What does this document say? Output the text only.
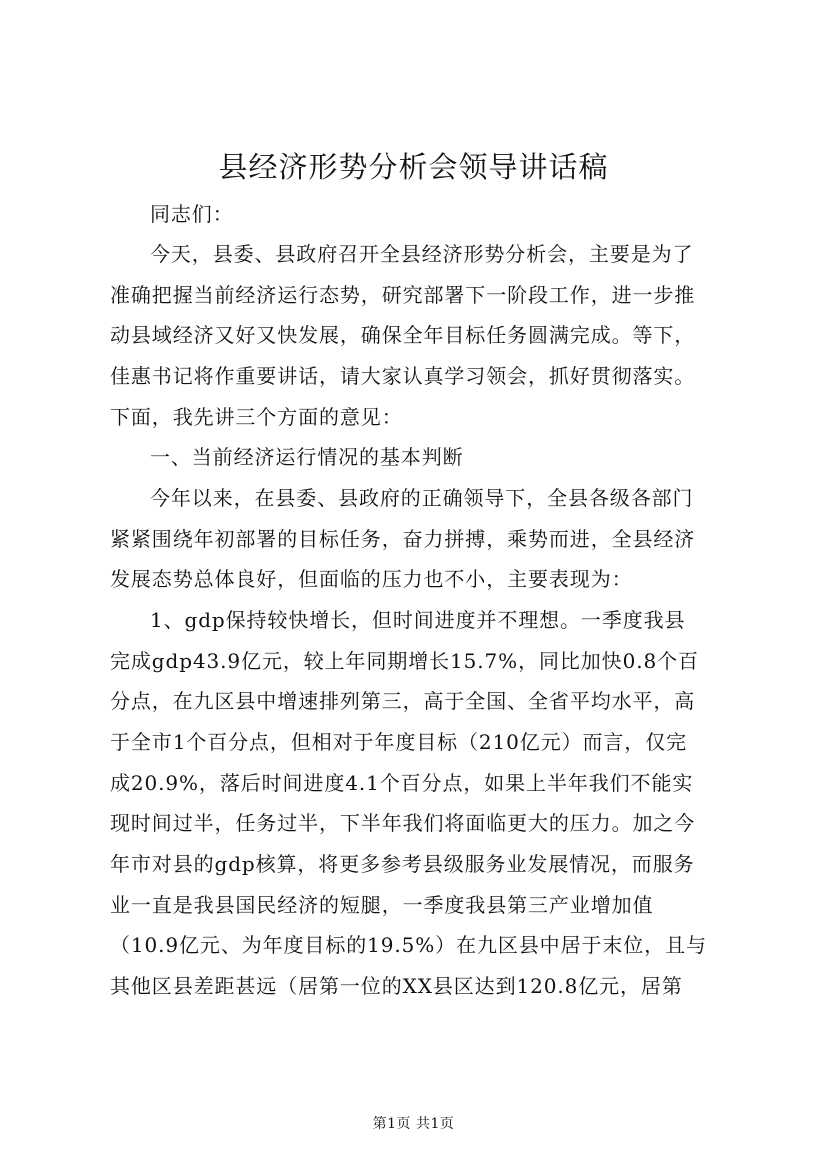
县经济形势分析会领导讲话稿
同志们：
今天，县委、县政府召开全县经济形势分析会，主要是为了
准确把握当前经济运行态势，研究部署下一阶段工作，进一步推
动县域经济又好又快发展，确保全年目标任务圆满完成。等下，
佳惠书记将作重要讲话，请大家认真学习领会，抓好贯彻落实。
下面，我先讲三个方面的意见：
一、当前经济运行情况的基本判断
今年以来，在县委、县政府的正确领导下，全县各级各部门
紧紧围绕年初部署的目标任务，奋力拼搏，乘势而进，全县经济
发展态势总体良好，但面临的压力也不小，主要表现为：
1、gdp保持较快增长，但时间进度并不理想。一季度我县
完成gdp43.9亿元，较上年同期增长15.7%，同比加快0.8个百
分点，在九区县中增速排列第三，高于全国、全省平均水平，高
于全市1个百分点，但相对于年度目标（210亿元）而言，仅完
成20.9%，落后时间进度4.1个百分点，如果上半年我们不能实
现时间过半，任务过半，下半年我们将面临更大的压力。加之今
年市对县的gdp核算，将更多参考县级服务业发展情况，而服务
业一直是我县国民经济的短腿，一季度我县第三产业增加值
（10.9亿元、为年度目标的19.5%）在九区县中居于末位，且与
其他区县差距甚远（居第一位的XX县区达到120.8亿元，居第
第1页 共1页
